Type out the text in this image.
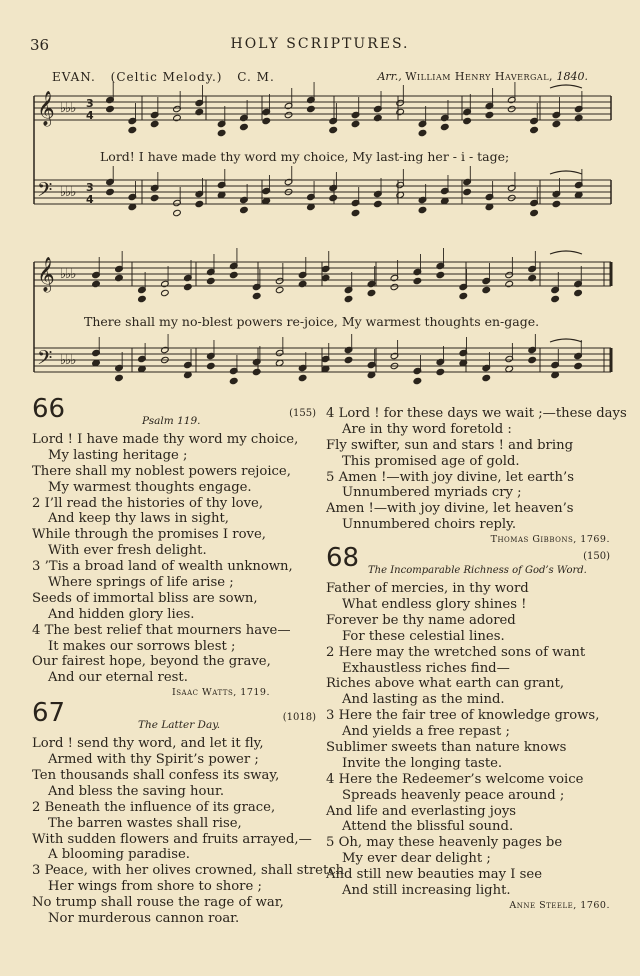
36	HOLY SCRIPTURES.
EVAN. (Celtic Melody.) C. M.	Arr., William Henry Havergal, 1840.
𝄞
𝄢
♭♭♭ 3
4
♭♭♭ 3
4
𝄞
𝄢
♭♭♭
♭♭♭
Lord! I have made thy word my choice, My last-ing her - i - tage;
There shall my no-blest powers re-joice, My warmest thoughts en-gage.
66	Psalm 119.
(155)
Lord ! I have made thy word my choice,
My lasting heritage ;
There shall my noblest powers rejoice,
My warmest thoughts engage.
2 I’ll read the histories of thy love,
And keep thy laws in sight,
While through the promises I rove,
With ever fresh delight.
3 ’Tis a broad land of wealth unknown,
Where springs of life arise ;
Seeds of immortal bliss are sown,
And hidden glory lies.
4 The best relief that mourners have—
It makes our sorrows blest ;
Our fairest hope, beyond the grave,
And our eternal rest.
Isaac Watts, 1719.
67	The Latter Day.
(1018)
Lord ! send thy word, and let it fly,
Armed with thy Spirit’s power ;
Ten thousands shall confess its sway,
And bless the saving hour.
2 Beneath the influence of its grace,
The barren wastes shall rise,
With sudden flowers and fruits arrayed,—
A blooming paradise.
3 Peace, with her olives crowned, shall stretch
Her wings from shore to shore ;
No trump shall rouse the rage of war,
Nor murderous cannon roar.
4 Lord ! for these days we wait ;—these days
Are in thy word foretold :
Fly swifter, sun and stars ! and bring
This promised age of gold.
5 Amen !—with joy divine, let earth’s
Unnumbered myriads cry ;
Amen !—with joy divine, let heaven’s
Unnumbered choirs reply.
Thomas Gibbons, 1769.
68 The Incomparable Richness of God’s Word.
(150)
Father of mercies, in thy word
What endless glory shines !
Forever be thy name adored
For these celestial lines.
2 Here may the wretched sons of want
Exhaustless riches find—
Riches above what earth can grant,
And lasting as the mind.
3 Here the fair tree of knowledge grows,
And yields a free repast ;
Sublimer sweets than nature knows
Invite the longing taste.
4 Here the Redeemer’s welcome voice
Spreads heavenly peace around ;
And life and everlasting joys
Attend the blissful sound.
5 Oh, may these heavenly pages be
My ever dear delight ;
And still new beauties may I see
And still increasing light.
Anne Steele, 1760.
